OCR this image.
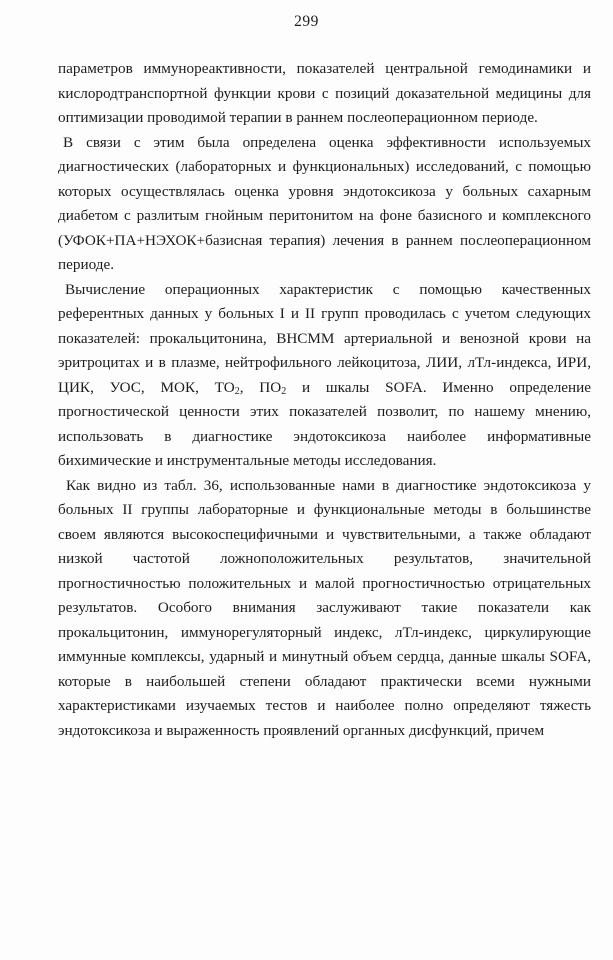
299

параметров иммунореактивности, показателей центральной гемодинамики и кислородтранспортной функции крови с позиций доказательной медицины для оптимизации проводимой терапии в раннем послеоперационном периоде.

В связи с этим была определена оценка эффективности используемых диагностических (лабораторных и функциональных) исследований, с помощью которых осуществлялась оценка уровня эндотоксикоза у больных сахарным диабетом с разлитым гнойным перитонитом на фоне базисного и комплексного (УФОК+ПА+НЭХОК+базисная терапия) лечения в раннем послеоперационном периоде.

Вычисление операционных характеристик с помощью качественных референтных данных у больных I и II групп проводилась с учетом следующих показателей: прокальцитонина, ВНСММ артериальной и венозной крови на эритроцитах и в плазме, нейтрофильного лейкоцитоза, ЛИИ, лТл-индекса, ИРИ, ЦИК, УОС, МОК, $ТО_2$, $ПО_2$ и шкалы SOFA. Именно определение прогностической ценности этих показателей позволит, по нашему мнению, использовать в диагностике эндотоксикоза наиболее информативные бихимические и инструментальные методы исследования.

Как видно из табл. 36, использованные нами в диагностике эндотоксикоза у больных II группы лабораторные и функциональные методы в большинстве своем являются высокоспецифичными и чувствительными, а также обладают низкой частотой ложноположительных результатов, значительной прогностичностью положительных и малой прогностичностью отрицательных результатов. Особого внимания заслуживают такие показатели как прокальцитонин, иммунорегуляторный индекс, лТл-индекс, циркулирующие иммунные комплексы, ударный и минутный объем сердца, данные шкалы SOFA, которые в наибольшей степени обладают практически всеми нужными характеристиками изучаемых тестов и наиболее полно определяют тяжесть эндотоксикоза и выраженность проявлений органных дисфункций, причем
